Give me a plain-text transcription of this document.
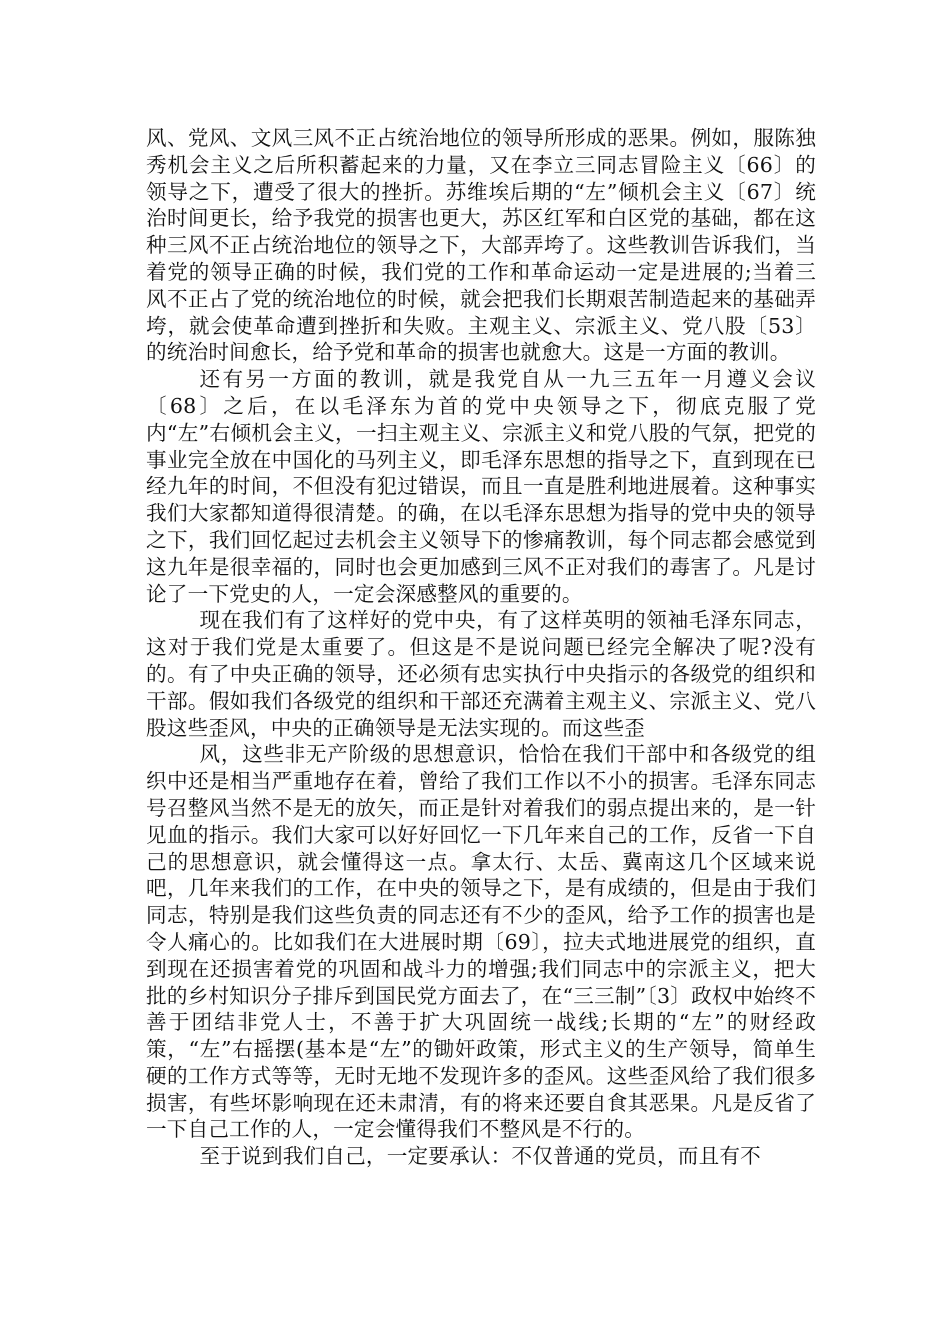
风、党风、文风三风不正占统治地位的领导所形成的恶果。例如，服陈独秀机会主义之后所积蓄起来的力量，又在李立三同志冒险主义〔66〕的领导之下，遭受了很大的挫折。苏维埃后期的“左”倾机会主义〔67〕统治时间更长，给予我党的损害也更大，苏区红军和白区党的基础，都在这种三风不正占统治地位的领导之下，大部弄垮了。这些教训告诉我们，当着党的领导正确的时候，我们党的工作和革命运动一定是进展的;当着三风不正占了党的统治地位的时候，就会把我们长期艰苦制造起来的基础弄垮，就会使革命遭到挫折和失败。主观主义、宗派主义、党八股〔53〕的统治时间愈长，给予党和革命的损害也就愈大。这是一方面的教训。

还有另一方面的教训，就是我党自从一九三五年一月遵义会议〔68〕之后，在以毛泽东为首的党中央领导之下，彻底克服了党内“左”右倾机会主义，一扫主观主义、宗派主义和党八股的气氛，把党的事业完全放在中国化的马列主义，即毛泽东思想的指导之下，直到现在已经九年的时间，不但没有犯过错误，而且一直是胜利地进展着。这种事实我们大家都知道得很清楚。的确，在以毛泽东思想为指导的党中央的领导之下，我们回忆起过去机会主义领导下的惨痛教训，每个同志都会感觉到这九年是很幸福的，同时也会更加感到三风不正对我们的毒害了。凡是讨论了一下党史的人，一定会深感整风的重要的。

现在我们有了这样好的党中央，有了这样英明的领袖毛泽东同志，这对于我们党是太重要了。但这是不是说问题已经完全解决了呢?没有的。有了中央正确的领导，还必须有忠实执行中央指示的各级党的组织和干部。假如我们各级党的组织和干部还充满着主观主义、宗派主义、党八股这些歪风，中央的正确领导是无法实现的。而这些歪

风，这些非无产阶级的思想意识，恰恰在我们干部中和各级党的组织中还是相当严重地存在着，曾给了我们工作以不小的损害。毛泽东同志号召整风当然不是无的放矢，而正是针对着我们的弱点提出来的，是一针见血的指示。我们大家可以好好回忆一下几年来自己的工作，反省一下自己的思想意识，就会懂得这一点。拿太行、太岳、冀南这几个区域来说吧，几年来我们的工作，在中央的领导之下，是有成绩的，但是由于我们同志，特别是我们这些负责的同志还有不少的歪风，给予工作的损害也是令人痛心的。比如我们在大进展时期〔69〕，拉夫式地进展党的组织，直到现在还损害着党的巩固和战斗力的增强;我们同志中的宗派主义，把大批的乡村知识分子排斥到国民党方面去了，在“三三制”〔3〕政权中始终不善于团结非党人士，不善于扩大巩固统一战线;长期的“左”的财经政策，“左”右摇摆(基本是“左”的锄奸政策，形式主义的生产领导，简单生硬的工作方式等等，无时无地不发现许多的歪风。这些歪风给了我们很多损害，有些坏影响现在还未肃清，有的将来还要自食其恶果。凡是反省了一下自己工作的人，一定会懂得我们不整风是不行的。

至于说到我们自己，一定要承认：不仅普通的党员，而且有不
